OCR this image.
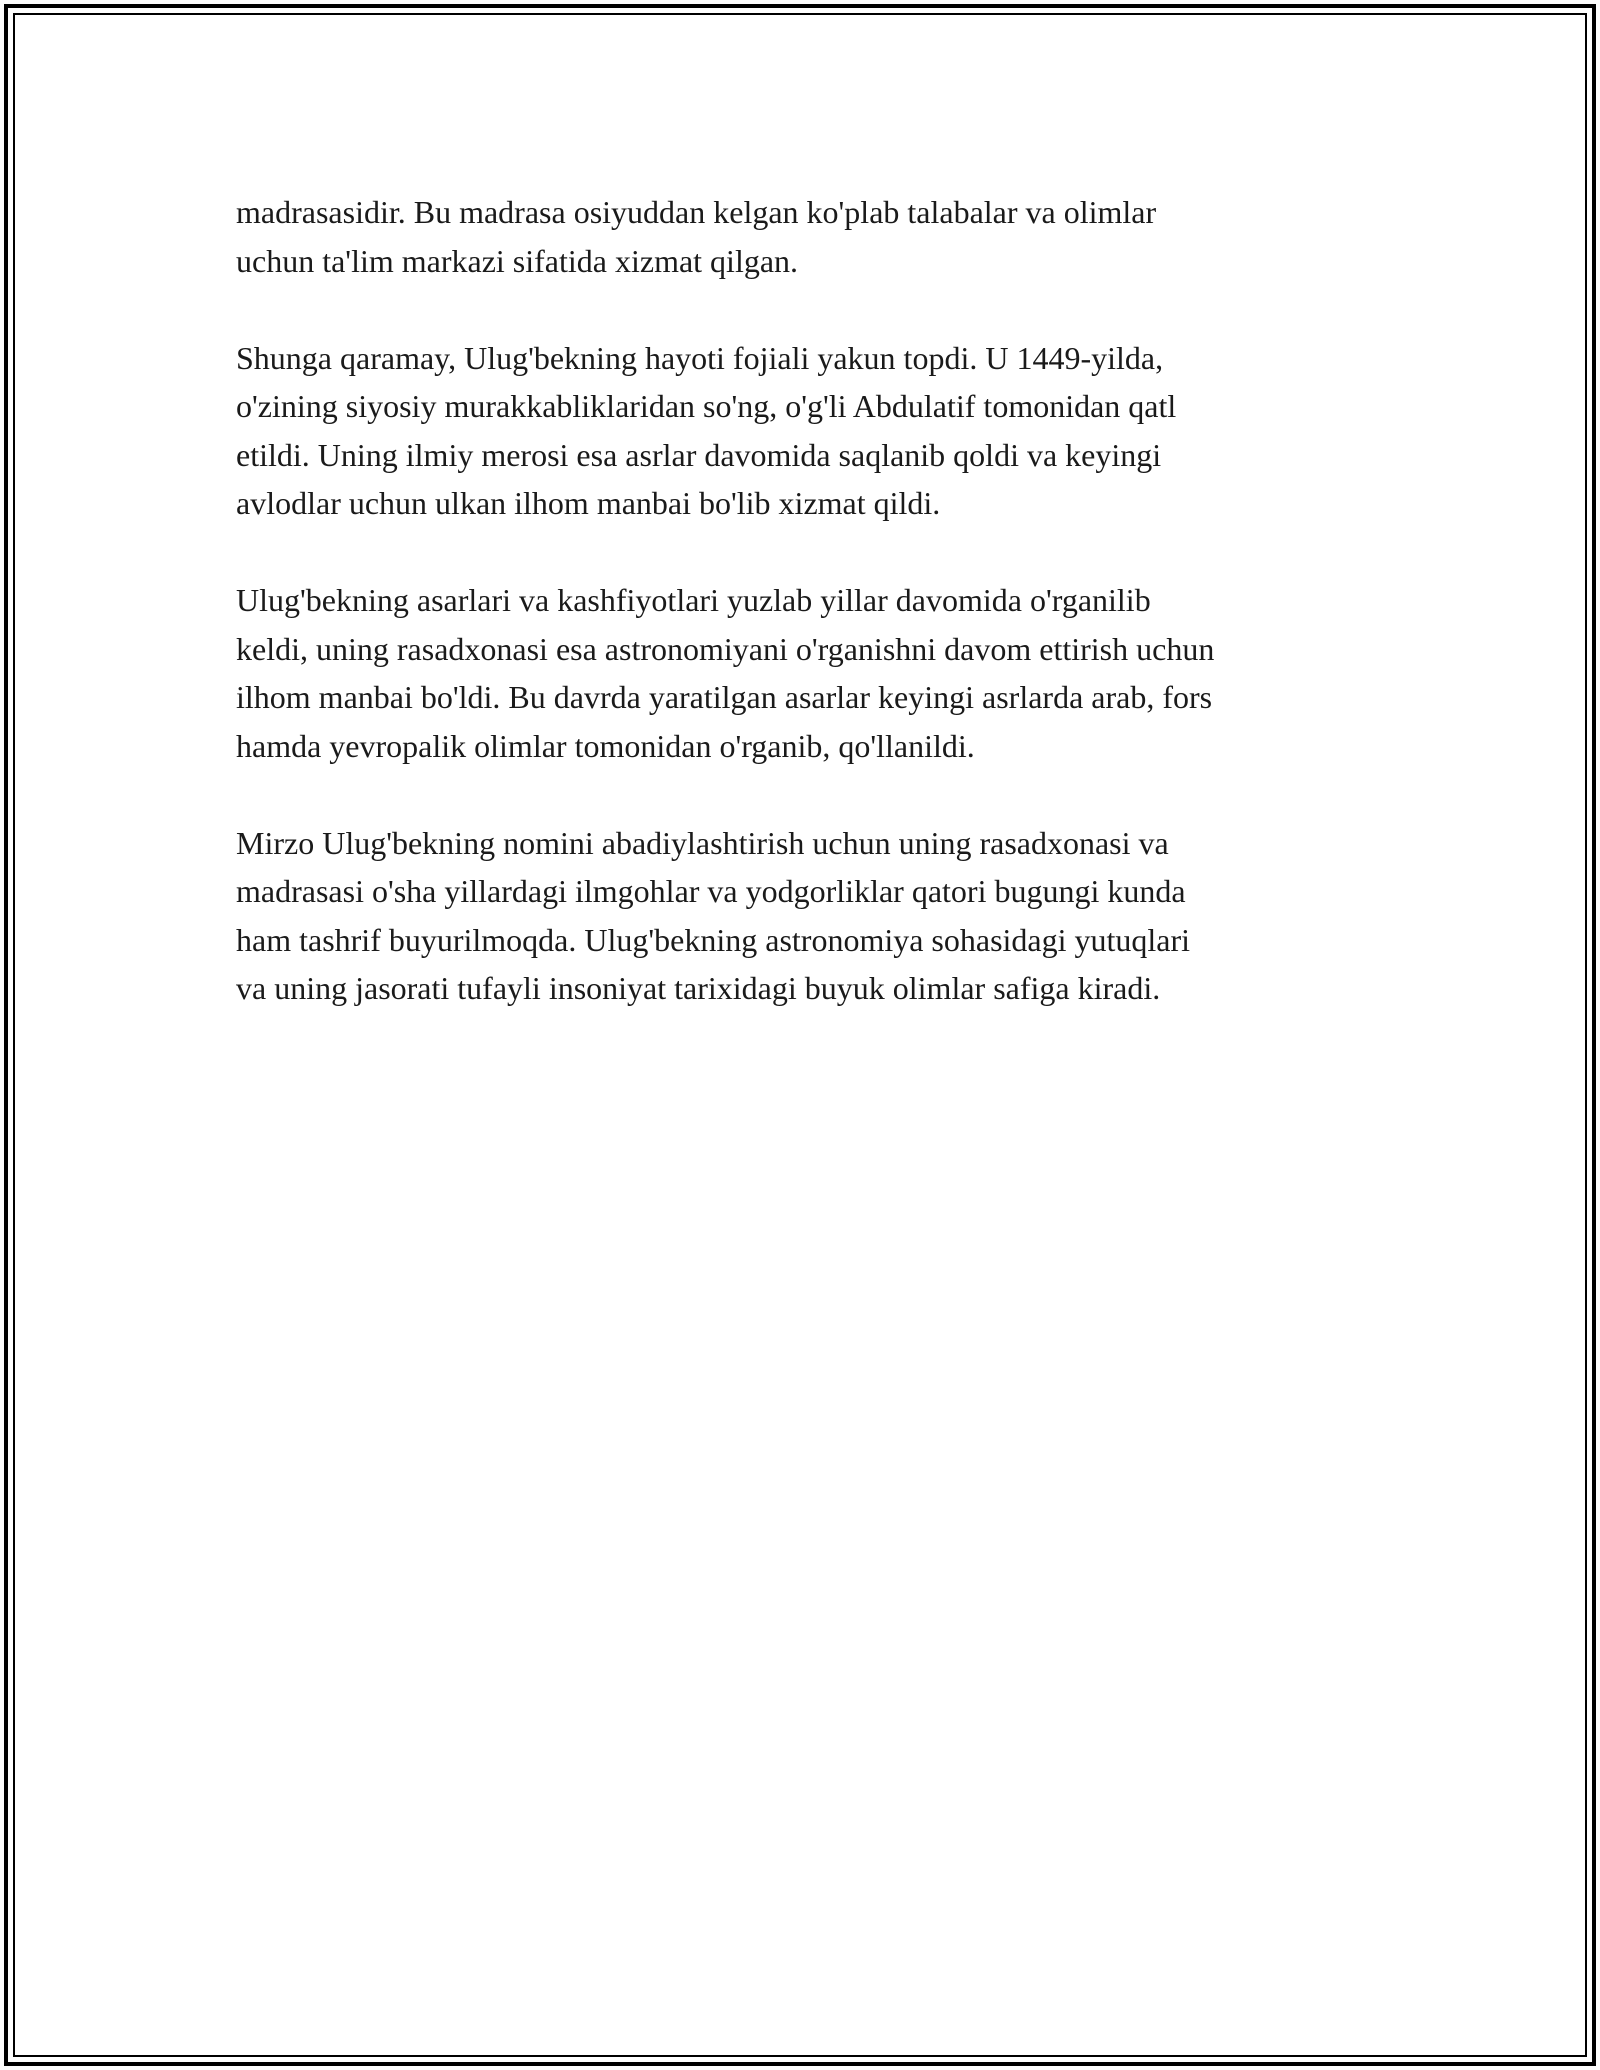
madrasasidir. Bu madrasa osiyuddan kelgan ko'plab talabalar va olimlar
uchun ta'lim markazi sifatida xizmat qilgan.

Shunga qaramay, Ulug'bekning hayoti fojiali yakun topdi. U 1449-yilda,
o'zining siyosiy murakkabliklaridan so'ng, o'g'li Abdulatif tomonidan qatl
etildi. Uning ilmiy merosi esa asrlar davomida saqlanib qoldi va keyingi
avlodlar uchun ulkan ilhom manbai bo'lib xizmat qildi.

Ulug'bekning asarlari va kashfiyotlari yuzlab yillar davomida o'rganilib
keldi, uning rasadxonasi esa astronomiyani o'rganishni davom ettirish uchun
ilhom manbai bo'ldi. Bu davrda yaratilgan asarlar keyingi asrlarda arab, fors
hamda yevropalik olimlar tomonidan o'rganib, qo'llanildi.

Mirzo Ulug'bekning nomini abadiylashtirish uchun uning rasadxonasi va
madrasasi o'sha yillardagi ilmgohlar va yodgorliklar qatori bugungi kunda
ham tashrif buyurilmoqda. Ulug'bekning astronomiya sohasidagi yutuqlari
va uning jasorati tufayli insoniyat tarixidagi buyuk olimlar safiga kiradi.
